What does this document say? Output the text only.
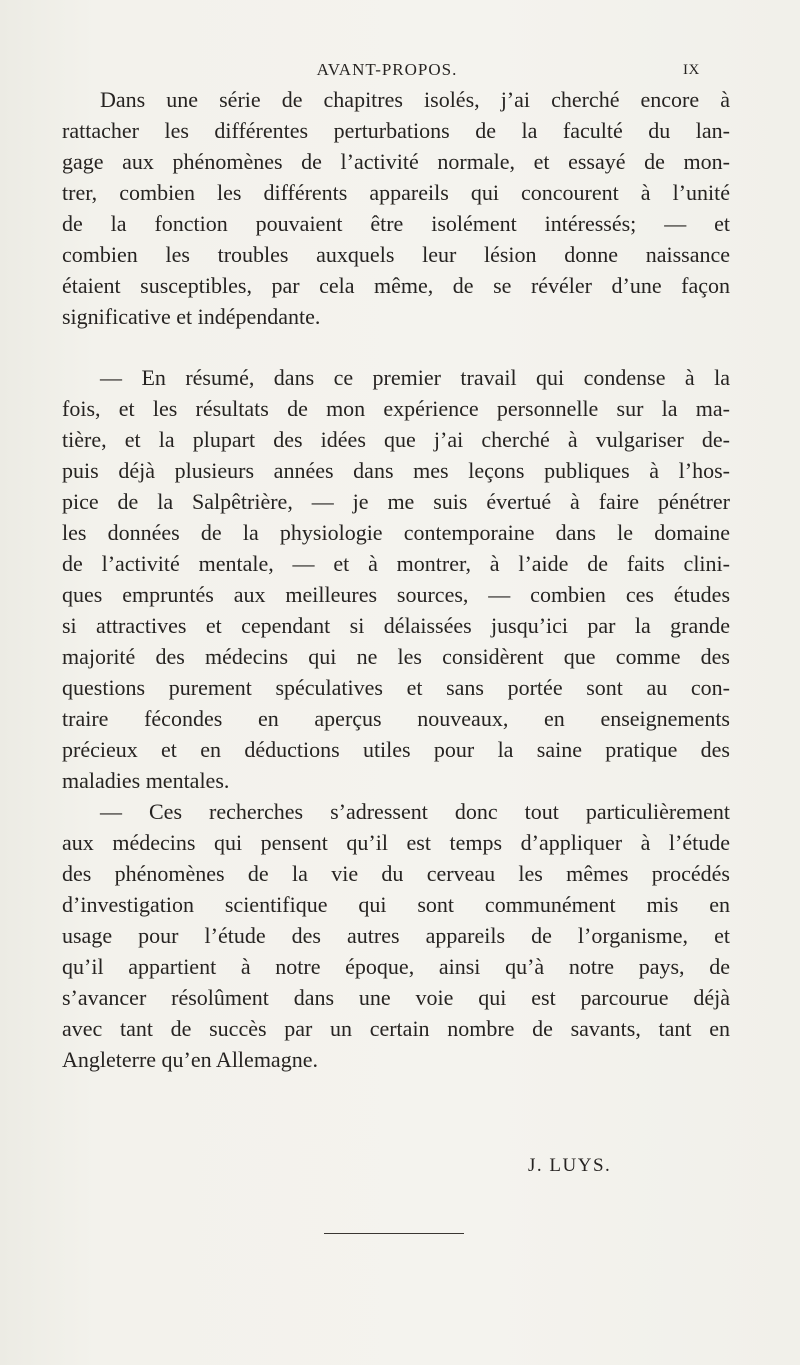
AVANT-PROPOS.	IX
Dans une série de chapitres isolés, j’ai cherché encore à
rattacher les différentes perturbations de la faculté du lan-
gage aux phénomènes de l’activité normale, et essayé de mon-
trer, combien les différents appareils qui concourent à l’unité
de la fonction pouvaient être isolément intéressés; — et
combien les troubles auxquels leur lésion donne naissance
étaient susceptibles, par cela même, de se révéler d’une façon
significative et indépendante.
— En résumé, dans ce premier travail qui condense à la
fois, et les résultats de mon expérience personnelle sur la ma-
tière, et la plupart des idées que j’ai cherché à vulgariser de-
puis déjà plusieurs années dans mes leçons publiques à l’hos-
pice de la Salpêtrière, — je me suis évertué à faire pénétrer
les données de la physiologie contemporaine dans le domaine
de l’activité mentale, — et à montrer, à l’aide de faits clini-
ques empruntés aux meilleures sources, — combien ces études
si attractives et cependant si délaissées jusqu’ici par la grande
majorité des médecins qui ne les considèrent que comme des
questions purement spéculatives et sans portée sont au con-
traire fécondes en aperçus nouveaux, en enseignements
précieux et en déductions utiles pour la saine pratique des
maladies mentales.
— Ces recherches s’adressent donc tout particulièrement
aux médecins qui pensent qu’il est temps d’appliquer à l’étude
des phénomènes de la vie du cerveau les mêmes procédés
d’investigation scientifique qui sont communément mis en
usage pour l’étude des autres appareils de l’organisme, et
qu’il appartient à notre époque, ainsi qu’à notre pays, de
s’avancer résolûment dans une voie qui est parcourue déjà
avec tant de succès par un certain nombre de savants, tant en
Angleterre qu’en Allemagne.
J. LUYS.
